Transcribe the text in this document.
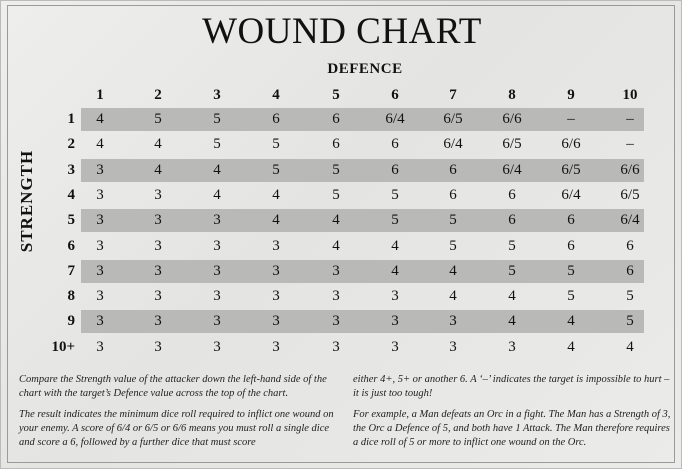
WOUND CHART
DEFENCE
STRENGTH
1	2	3	4	5	6	7	8	9	10
1	4	5	5	6	6	6/4	6/5	6/6	–	–
2	4	4	5	5	6	6	6/4	6/5	6/6	–
3	3	4	4	5	5	6	6	6/4	6/5	6/6
4	3	3	4	4	5	5	6	6	6/4	6/5
5	3	3	3	4	4	5	5	6	6	6/4
6	3	3	3	3	4	4	5	5	6	6
7	3	3	3	3	3	4	4	5	5	6
8	3	3	3	3	3	3	4	4	5	5
9	3	3	3	3	3	3	3	4	4	5
10+	3	3	3	3	3	3	3	3	4	4

Compare the Strength value of the attacker down the left-hand side of the chart with the target’s Defence value across the top of the chart.

The result indicates the minimum dice roll required to inflict one wound on your enemy. A score of 6/4 or 6/5 or 6/6 means you must roll a single dice and score a 6, followed by a further dice that must score

either 4+, 5+ or another 6. A ‘–’ indicates the target is impossible to hurt – it is just too tough!

For example, a Man defeats an Orc in a fight. The Man has a Strength of 3, the Orc a Defence of 5, and both have 1 Attack. The Man therefore requires a dice roll of 5 or more to inflict one wound on the Orc.
